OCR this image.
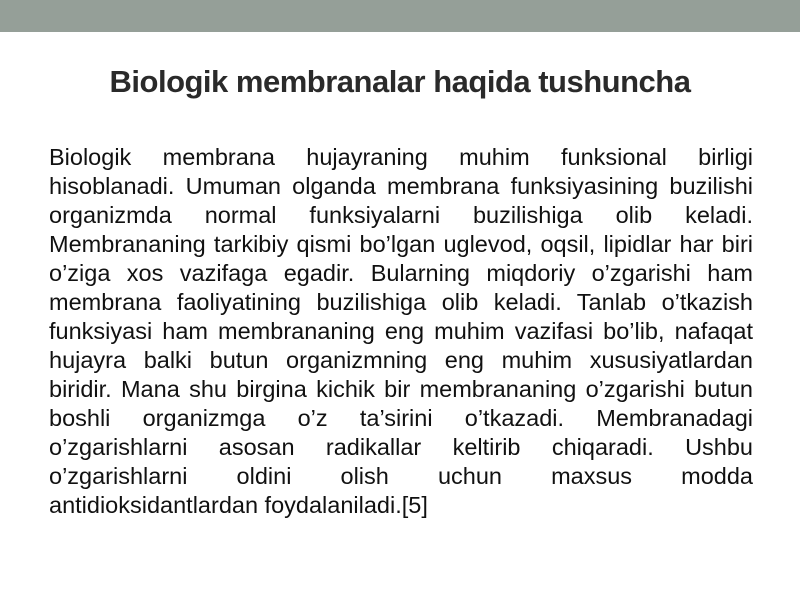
Biologik membranalar haqida tushuncha

Biologik membrana hujayraning muhim funksional birligi hisoblanadi. Umuman olganda membrana funksiyasining buzilishi organizmda normal funksiyalarni buzilishiga olib keladi. Membrananing tarkibiy qismi bo’lgan uglevod, oqsil, lipidlar har biri o’ziga xos vazifaga egadir. Bularning miqdoriy o’zgarishi ham membrana faoliyatining buzilishiga olib keladi. Tanlab o’tkazish funksiyasi ham membrananing eng muhim vazifasi bo’lib, nafaqat hujayra balki butun organizmning eng muhim xususiyatlardan biridir. Mana shu birgina kichik bir membrananing o’zgarishi butun boshli organizmga o’z ta’sirini o’tkazadi. Membranadagi o’zgarishlarni asosan radikallar keltirib chiqaradi. Ushbu o’zgarishlarni oldini olish uchun maxsus modda antidioksidantlardan foydalaniladi.[5]
